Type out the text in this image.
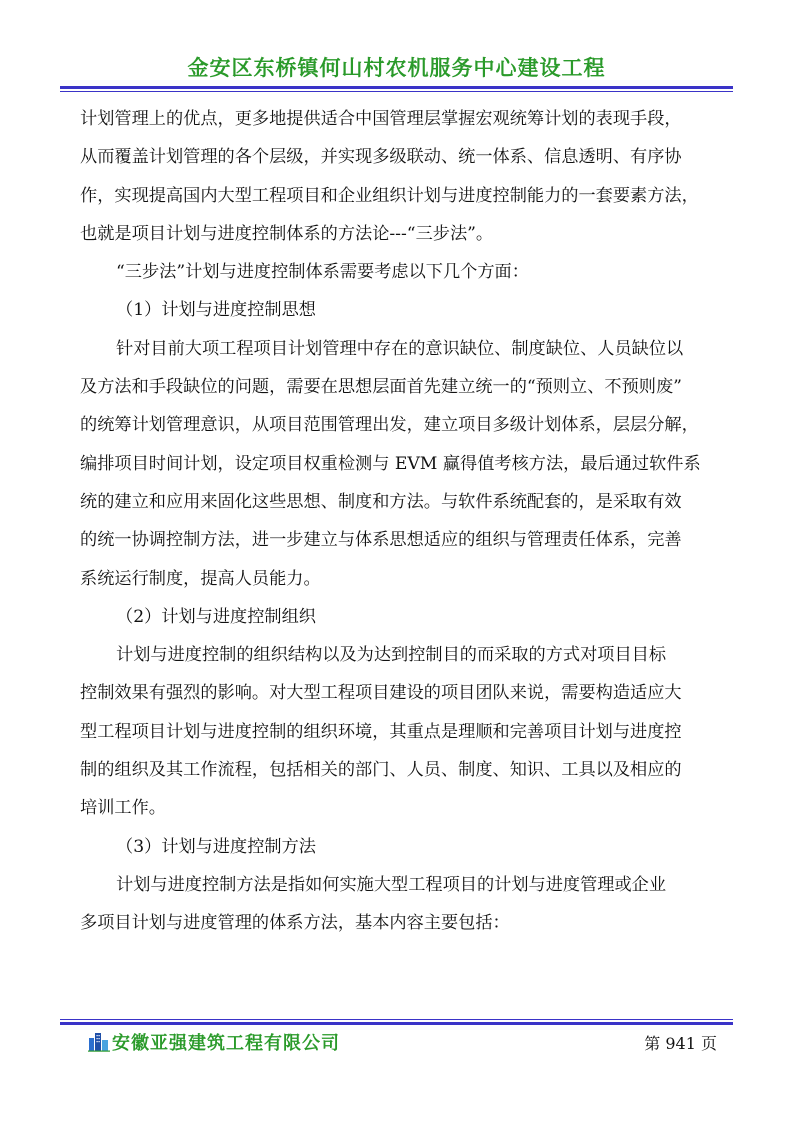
金安区东桥镇何山村农机服务中心建设工程
计划管理上的优点，更多地提供适合中国管理层掌握宏观统筹计划的表现手段，
从而覆盖计划管理的各个层级，并实现多级联动、统一体系、信息透明、有序协
作，实现提高国内大型工程项目和企业组织计划与进度控制能力的一套要素方法，
也就是项目计划与进度控制体系的方法论---“三步法”。
“三步法”计划与进度控制体系需要考虑以下几个方面：
（1）计划与进度控制思想
针对目前大项工程项目计划管理中存在的意识缺位、制度缺位、人员缺位以
及方法和手段缺位的问题，需要在思想层面首先建立统一的“预则立、不预则废”
的统筹计划管理意识，从项目范围管理出发，建立项目多级计划体系，层层分解，
编排项目时间计划，设定项目权重检测与 EVM 赢得值考核方法，最后通过软件系
统的建立和应用来固化这些思想、制度和方法。与软件系统配套的，是采取有效
的统一协调控制方法，进一步建立与体系思想适应的组织与管理责任体系，完善
系统运行制度，提高人员能力。
（2）计划与进度控制组织
计划与进度控制的组织结构以及为达到控制目的而采取的方式对项目目标
控制效果有强烈的影响。对大型工程项目建设的项目团队来说，需要构造适应大
型工程项目计划与进度控制的组织环境，其重点是理顺和完善项目计划与进度控
制的组织及其工作流程，包括相关的部门、人员、制度、知识、工具以及相应的
培训工作。
（3）计划与进度控制方法
计划与进度控制方法是指如何实施大型工程项目的计划与进度管理或企业
多项目计划与进度管理的体系方法，基本内容主要包括：
安徽亚强建筑工程有限公司	第 941 页
